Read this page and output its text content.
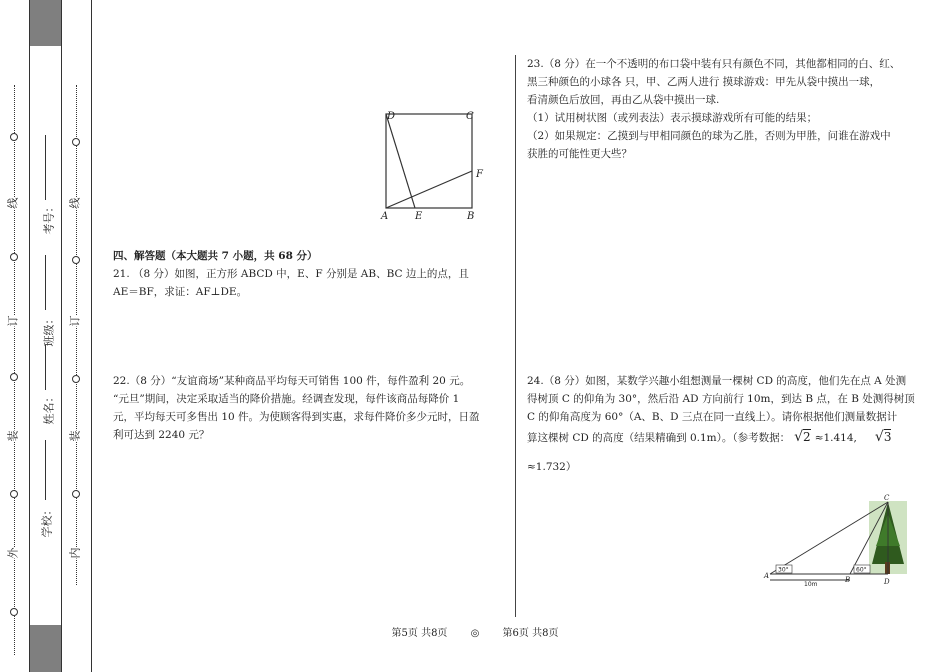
外
装
订
线
学校：
姓名：
班级：
考号：
内
装
订
线
D	C
A	E	B
F
四、解答题（本大题共 7 小题，共 68 分）
21. （8 分）如图，正方形 ABCD 中，E、F 分别是 AB、BC 边上的点，且
AE＝BF，求证：AF⊥DE。
22.（8 分）“友谊商场”某种商品平均每天可销售 100 件，每件盈利 20 元。
“元旦”期间，决定采取适当的降价措施。经调查发现，每件该商品每降价 1
元，平均每天可多售出 10 件。为使顾客得到实惠，求每件降价多少元时，日盈
利可达到 2240 元？
23.（8 分）在一个不透明的布口袋中装有只有颜色不同，其他都相同的白、红、
黑三种颜色的小球各 只，甲、乙两人进行 摸球游戏：甲先从袋中摸出一球，
看清颜色后放回，再由乙从袋中摸出一球.
（1）试用树状图（或列表法）表示摸球游戏所有可能的结果；
（2）如果规定：乙摸到与甲相同颜色的球为乙胜，否则为甲胜，问谁在游戏中
获胜的可能性更大些？
24.（8 分）如图，某数学兴趣小组想测量一棵树 CD 的高度，他们先在点 A 处测
得树顶 C 的仰角为 30°，然后沿 AD 方向前行 10m，到达 B 点，在 B 处测得树顶
C 的仰角高度为 60°（A、B、D 三点在同一直线上）。请你根据他们测量数据计
算这棵树 CD 的高度（结果精确到 0.1m）。（参考数据： √2 ≈1.414, √3
≈1.732）
30°	60°
10m
C
A	B	D
第5页 共8页 ◎ 第6页 共8页
